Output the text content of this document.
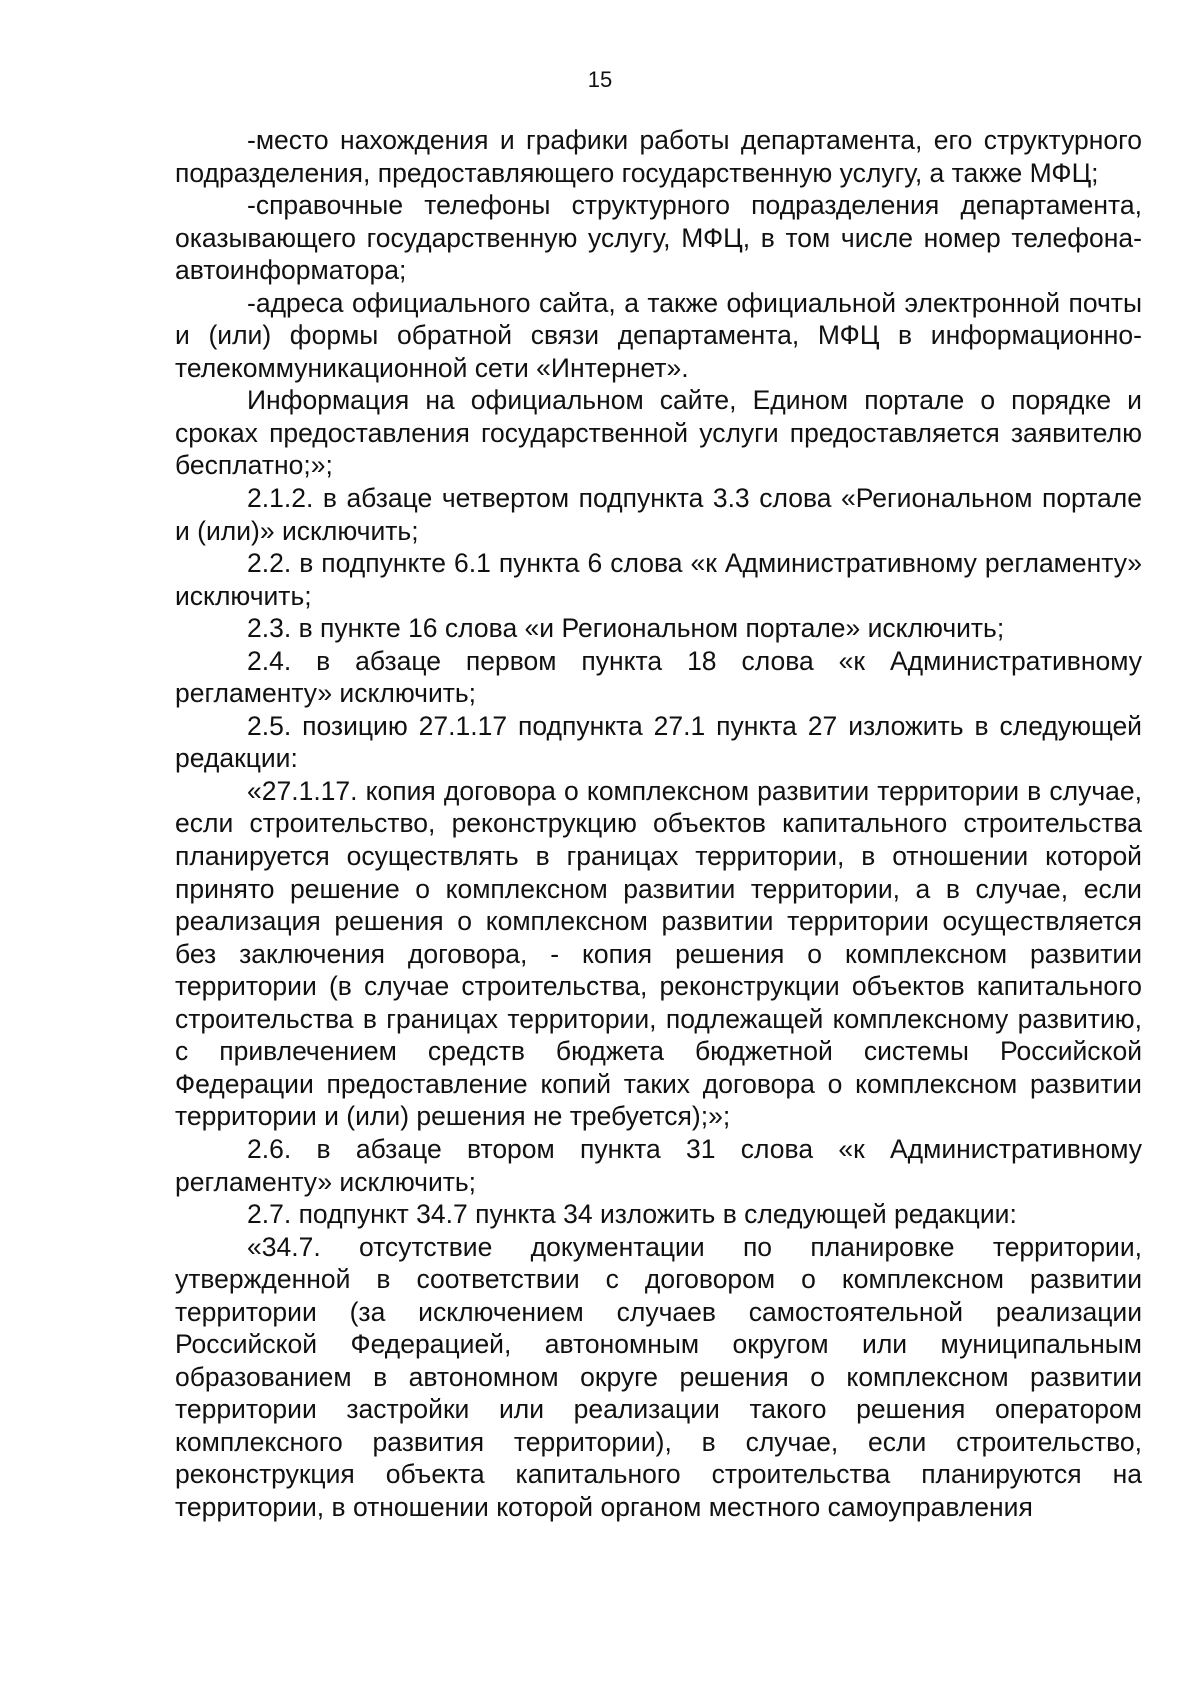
15

-место нахождения и графики работы департамента, его структурного подразделения, предоставляющего государственную услугу, а также МФЦ;

-справочные телефоны структурного подразделения департамента, оказывающего государственную услугу, МФЦ, в том числе номер телефона-автоинформатора;

-адреса официального сайта, а также официальной электронной почты и (или) формы обратной связи департамента, МФЦ в информационно-телекоммуникационной сети «Интернет».

Информация на официальном сайте, Едином портале о порядке и сроках предоставления государственной услуги предоставляется заявителю бесплатно;»;

2.1.2. в абзаце четвертом подпункта 3.3 слова «Региональном портале и (или)» исключить;

2.2. в подпункте 6.1 пункта 6 слова «к Административному регламенту» исключить;

2.3. в пункте 16 слова «и Региональном портале» исключить;

2.4. в абзаце первом пункта 18 слова «к Административному регламенту» исключить;

2.5. позицию 27.1.17 подпункта 27.1 пункта 27 изложить в следующей редакции:

«27.1.17. копия договора о комплексном развитии территории в случае, если строительство, реконструкцию объектов капитального строительства планируется осуществлять в границах территории, в отношении которой принято решение о комплексном развитии территории, а в случае, если реализация решения о комплексном развитии территории осуществляется без заключения договора, - копия решения о комплексном развитии территории (в случае строительства, реконструкции объектов капитального строительства в границах территории, подлежащей комплексному развитию, с привлечением средств бюджета бюджетной системы Российской Федерации предоставление копий таких договора о комплексном развитии территории и (или) решения не требуется);»;

2.6. в абзаце втором пункта 31 слова «к Административному регламенту» исключить;

2.7. подпункт 34.7 пункта 34 изложить в следующей редакции:

«34.7. отсутствие документации по планировке территории, утвержденной в соответствии с договором о комплексном развитии территории (за исключением случаев самостоятельной реализации Российской Федерацией, автономным округом или муниципальным образованием в автономном округе решения о комплексном развитии территории застройки или реализации такого решения оператором комплексного развития территории), в случае, если строительство, реконструкция объекта капитального строительства планируются на территории, в отношении которой органом местного самоуправления
